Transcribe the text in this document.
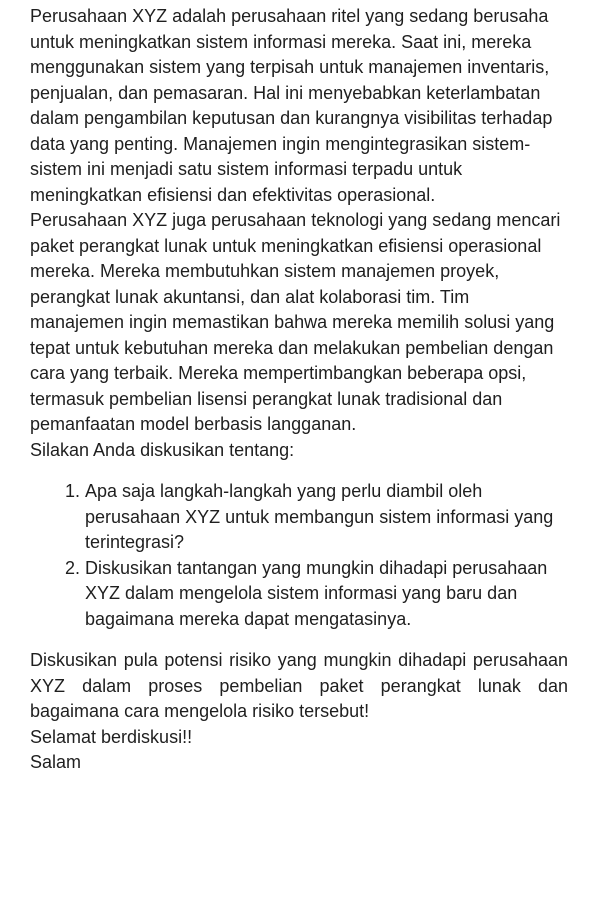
Perusahaan XYZ adalah perusahaan ritel yang sedang berusaha untuk meningkatkan sistem informasi mereka. Saat ini, mereka menggunakan sistem yang terpisah untuk manajemen inventaris, penjualan, dan pemasaran. Hal ini menyebabkan keterlambatan dalam pengambilan keputusan dan kurangnya visibilitas terhadap data yang penting. Manajemen ingin mengintegrasikan sistem-sistem ini menjadi satu sistem informasi terpadu untuk meningkatkan efisiensi dan efektivitas operasional.

Perusahaan XYZ juga perusahaan teknologi yang sedang mencari paket perangkat lunak untuk meningkatkan efisiensi operasional mereka. Mereka membutuhkan sistem manajemen proyek, perangkat lunak akuntansi, dan alat kolaborasi tim. Tim manajemen ingin memastikan bahwa mereka memilih solusi yang tepat untuk kebutuhan mereka dan melakukan pembelian dengan cara yang terbaik. Mereka mempertimbangkan beberapa opsi, termasuk pembelian lisensi perangkat lunak tradisional dan pemanfaatan model berbasis langganan.

Silakan Anda diskusikan tentang:

1. Apa saja langkah-langkah yang perlu diambil oleh perusahaan XYZ untuk membangun sistem informasi yang terintegrasi?
2. Diskusikan tantangan yang mungkin dihadapi perusahaan XYZ dalam mengelola sistem informasi yang baru dan bagaimana mereka dapat mengatasinya.

Diskusikan pula potensi risiko yang mungkin dihadapi perusahaan XYZ dalam proses pembelian paket perangkat lunak dan bagaimana cara mengelola risiko tersebut!

Selamat berdiskusi!!

Salam
